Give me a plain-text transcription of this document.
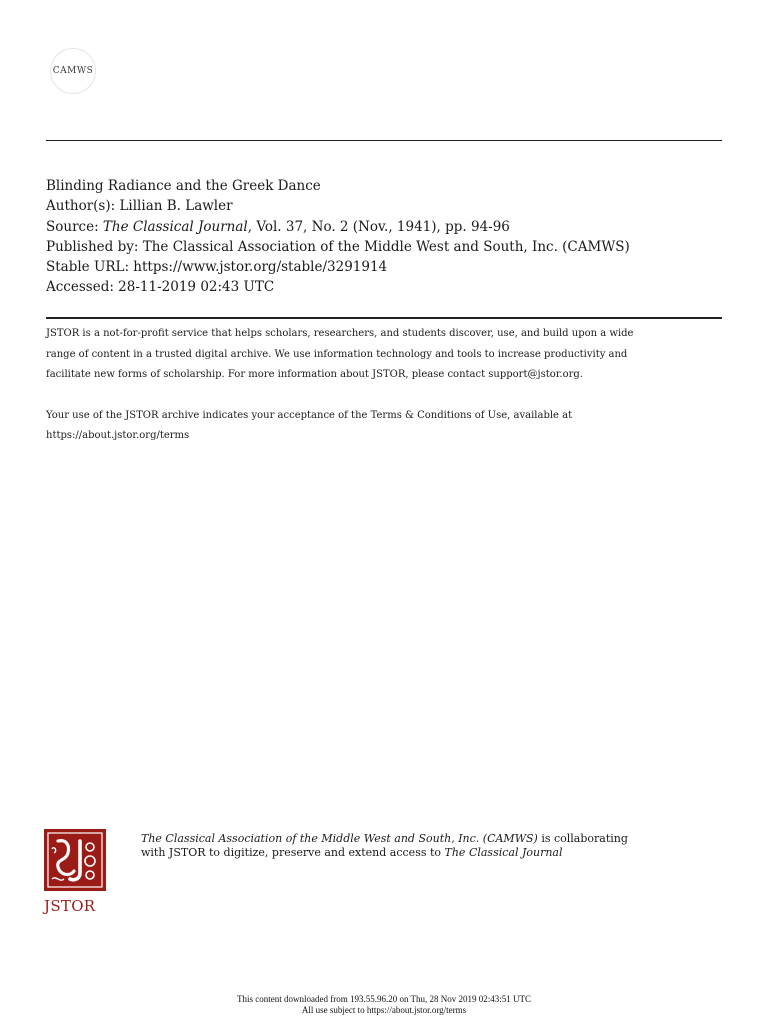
CAMWS
Blinding Radiance and the Greek Dance
Author(s): Lillian B. Lawler
Source: The Classical Journal, Vol. 37, No. 2 (Nov., 1941), pp. 94-96
Published by: The Classical Association of the Middle West and South, Inc. (CAMWS)
Stable URL: https://www.jstor.org/stable/3291914
Accessed: 28-11-2019 02:43 UTC

JSTOR is a not-for-profit service that helps scholars, researchers, and students discover, use, and build upon a wide

range of content in a trusted digital archive. We use information technology and tools to increase productivity and

facilitate new forms of scholarship. For more information about JSTOR, please contact support@jstor.org.

Your use of the JSTOR archive indicates your acceptance of the Terms & Conditions of Use, available at

https://about.jstor.org/terms

JSTOR
The Classical Association of the Middle West and South, Inc. (CAMWS) is collaborating
with JSTOR to digitize, preserve and extend access to The Classical Journal
This content downloaded from 193.55.96.20 on Thu, 28 Nov 2019 02:43:51 UTC
All use subject to https://about.jstor.org/terms
